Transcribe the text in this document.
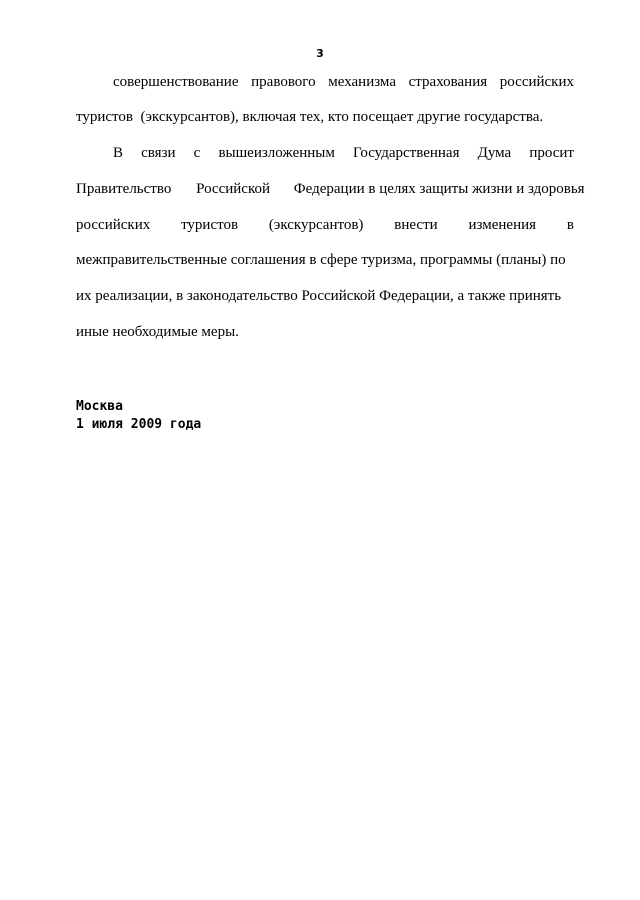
3
совершенствование правового механизма страхования российских
туристов  (экскурсантов), включая тех, кто посещает другие государства.
В связи с вышеизложенным Государственная Дума просит
Правительство Российской Федерации в целях защиты жизни и здоровья
российских туристов (экскурсантов) внести изменения в
межправительственные соглашения в сфере туризма, программы (планы) по
их реализации, в законодательство Российской Федерации, а также принять
иные необходимые меры.
Москва
1 июля 2009 года
